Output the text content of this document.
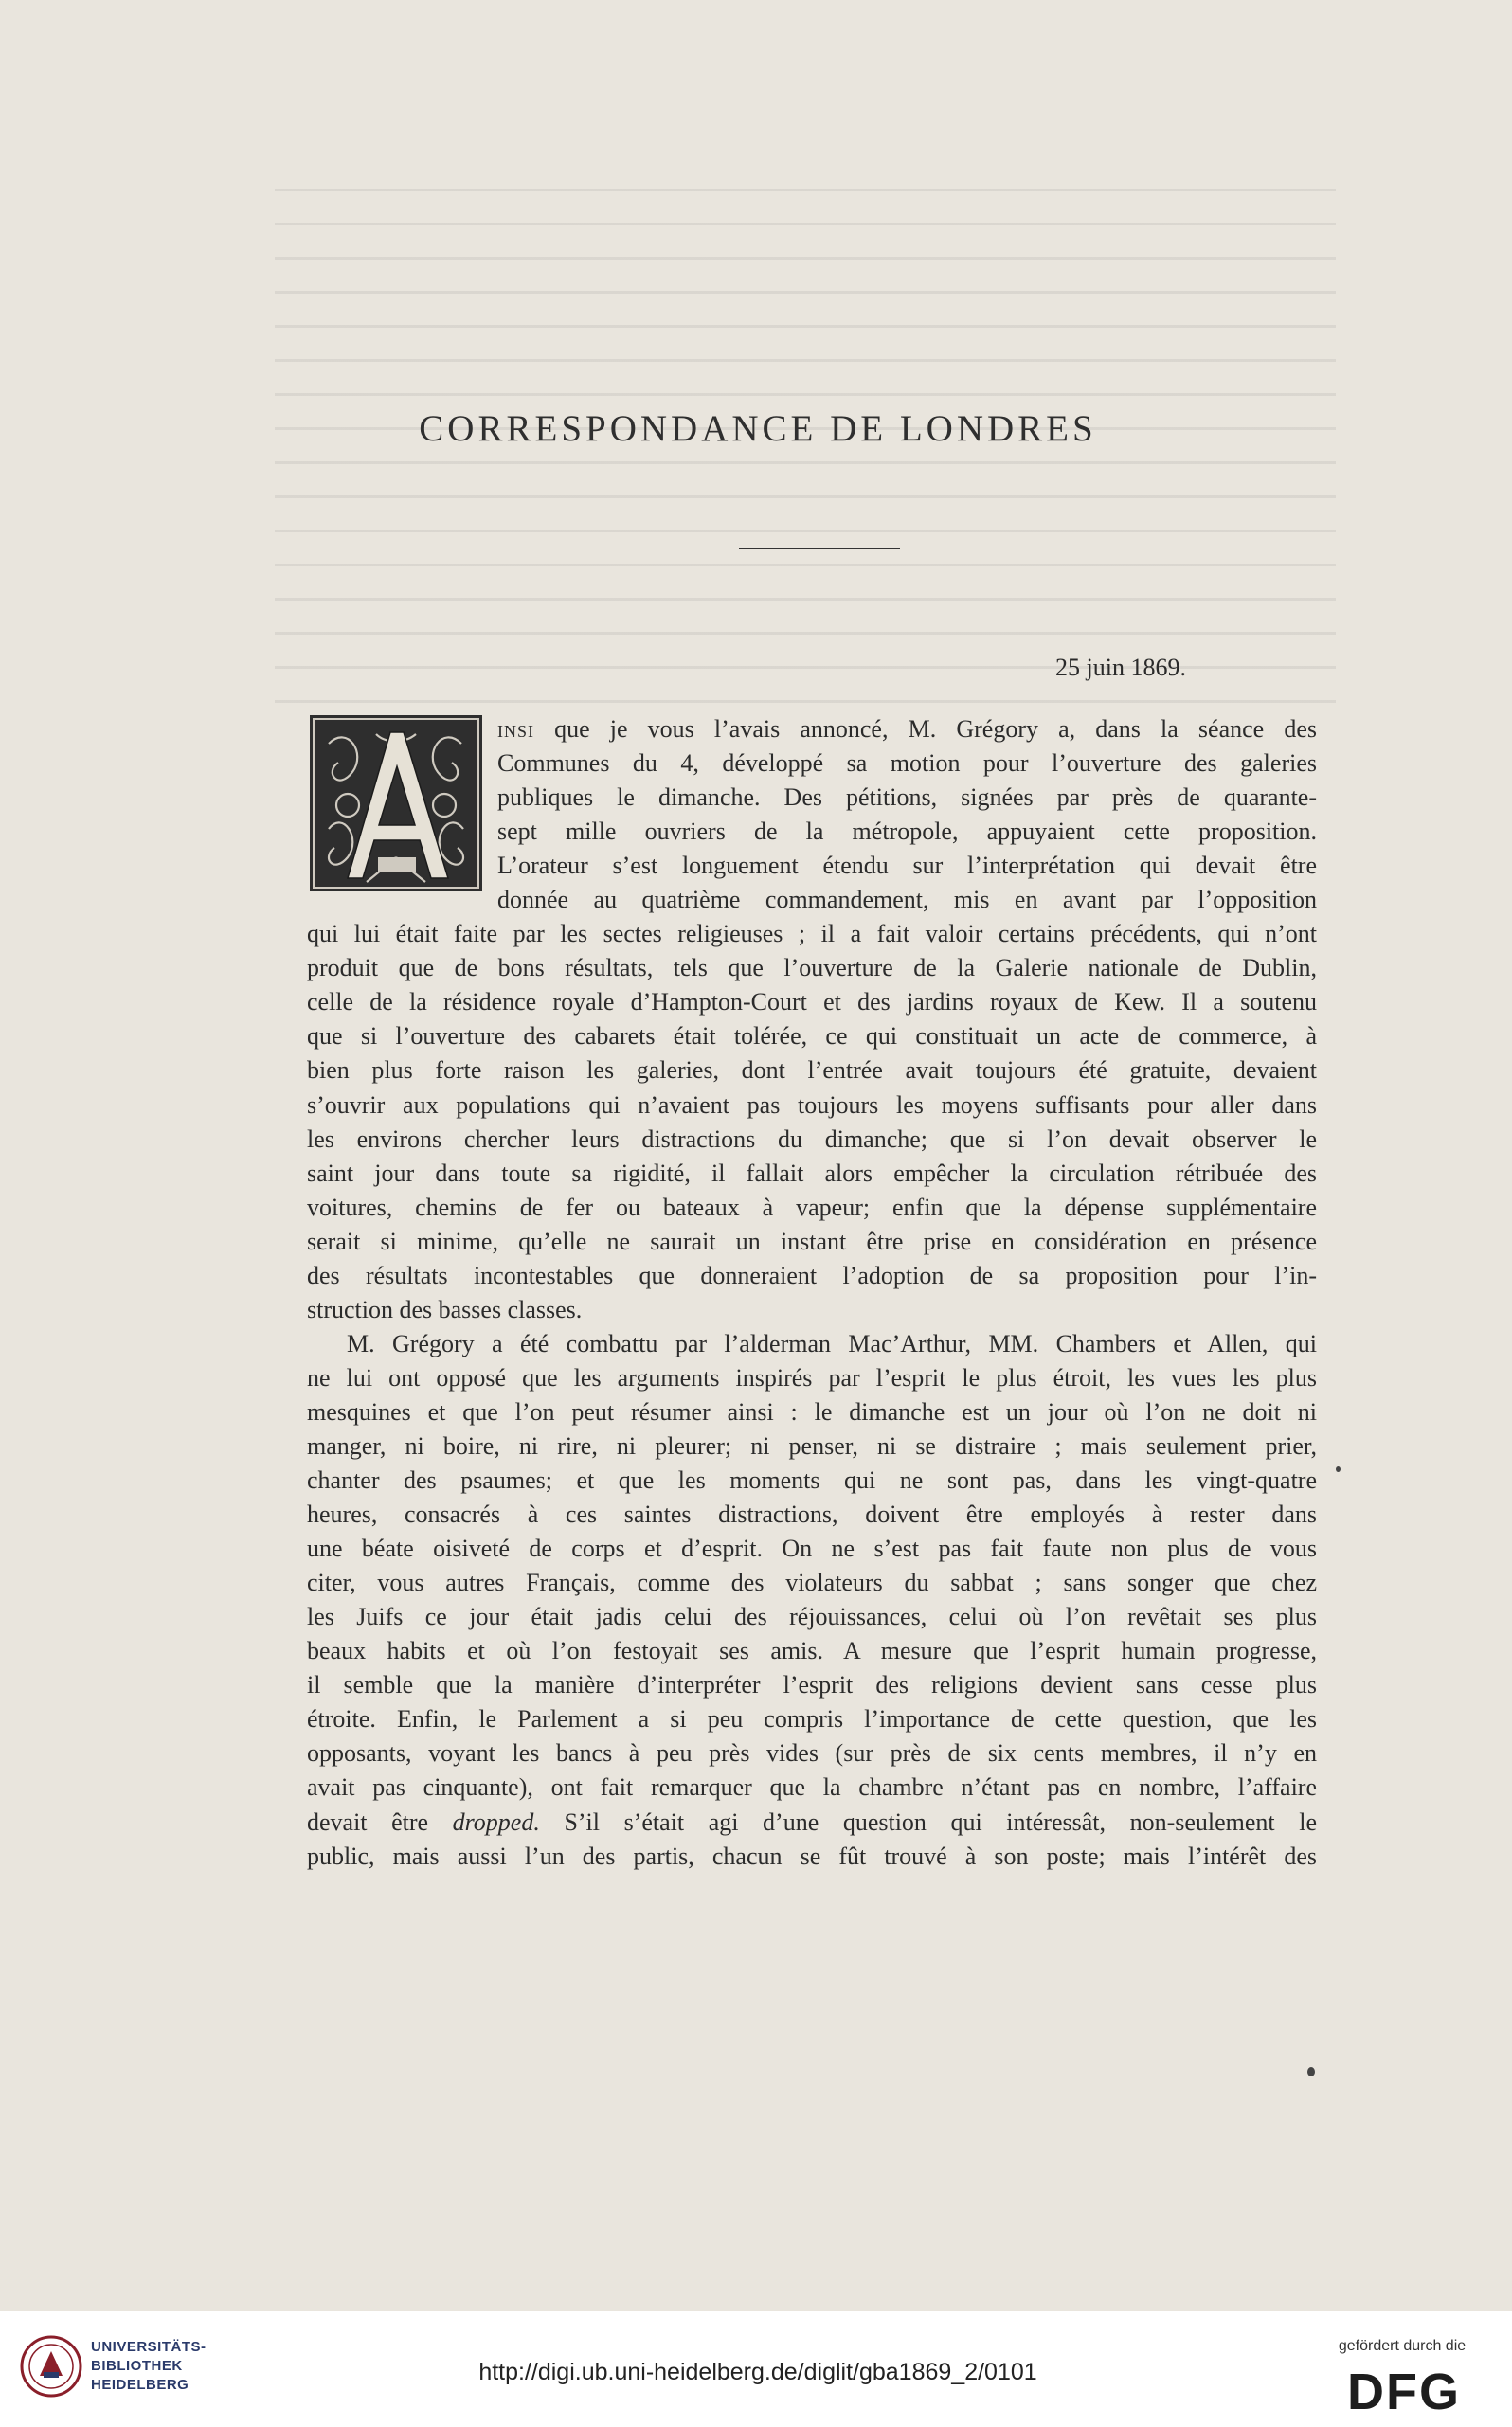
CORRESPONDANCE DE LONDRES
25 juin 1869.
insi que je vous l’avais annoncé, M. Grégory a, dans la séance des
Communes du 4, développé sa motion pour l’ouverture des galeries
publiques le dimanche. Des pétitions, signées par près de quarante-
sept mille ouvriers de la métropole, appuyaient cette proposition.
L’orateur s’est longuement étendu sur l’interprétation qui devait être
donnée au quatrième commandement, mis en avant par l’opposition
qui lui était faite par les sectes religieuses ; il a fait valoir certains précédents, qui n’ont
produit que de bons résultats, tels que l’ouverture de la Galerie nationale de Dublin,
celle de la résidence royale d’Hampton-Court et des jardins royaux de Kew. Il a soutenu
que si l’ouverture des cabarets était tolérée, ce qui constituait un acte de commerce, à
bien plus forte raison les galeries, dont l’entrée avait toujours été gratuite, devaient
s’ouvrir aux populations qui n’avaient pas toujours les moyens suffisants pour aller dans
les environs chercher leurs distractions du dimanche; que si l’on devait observer le
saint jour dans toute sa rigidité, il fallait alors empêcher la circulation rétribuée des
voitures, chemins de fer ou bateaux à vapeur; enfin que la dépense supplémentaire
serait si minime, qu’elle ne saurait un instant être prise en considération en présence
des résultats incontestables que donneraient l’adoption de sa proposition pour l’in-
struction des basses classes.
M. Grégory a été combattu par l’alderman Mac’Arthur, MM. Chambers et Allen, qui
ne lui ont opposé que les arguments inspirés par l’esprit le plus étroit, les vues les plus
mesquines et que l’on peut résumer ainsi : le dimanche est un jour où l’on ne doit ni
manger, ni boire, ni rire, ni pleurer; ni penser, ni se distraire ; mais seulement prier,
chanter des psaumes; et que les moments qui ne sont pas, dans les vingt-quatre
heures, consacrés à ces saintes distractions, doivent être employés à rester dans
une béate oisiveté de corps et d’esprit. On ne s’est pas fait faute non plus de vous
citer, vous autres Français, comme des violateurs du sabbat ; sans songer que chez
les Juifs ce jour était jadis celui des réjouissances, celui où l’on revêtait ses plus
beaux habits et où l’on festoyait ses amis. A mesure que l’esprit humain progresse,
il semble que la manière d’interpréter l’esprit des religions devient sans cesse plus
étroite. Enfin, le Parlement a si peu compris l’importance de cette question, que les
opposants, voyant les bancs à peu près vides (sur près de six cents membres, il n’y en
avait pas cinquante), ont fait remarquer que la chambre n’étant pas en nombre, l’affaire
devait être dropped. S’il s’était agi d’une question qui intéressât, non-seulement le
public, mais aussi l’un des partis, chacun se fût trouvé à son poste; mais l’intérêt des
UNIVERSITÄTS-
BIBLIOTHEK
HEIDELBERG	http://digi.ub.uni-heidelberg.de/diglit/gba1869_2/0101
gefördert durch die
DFG
